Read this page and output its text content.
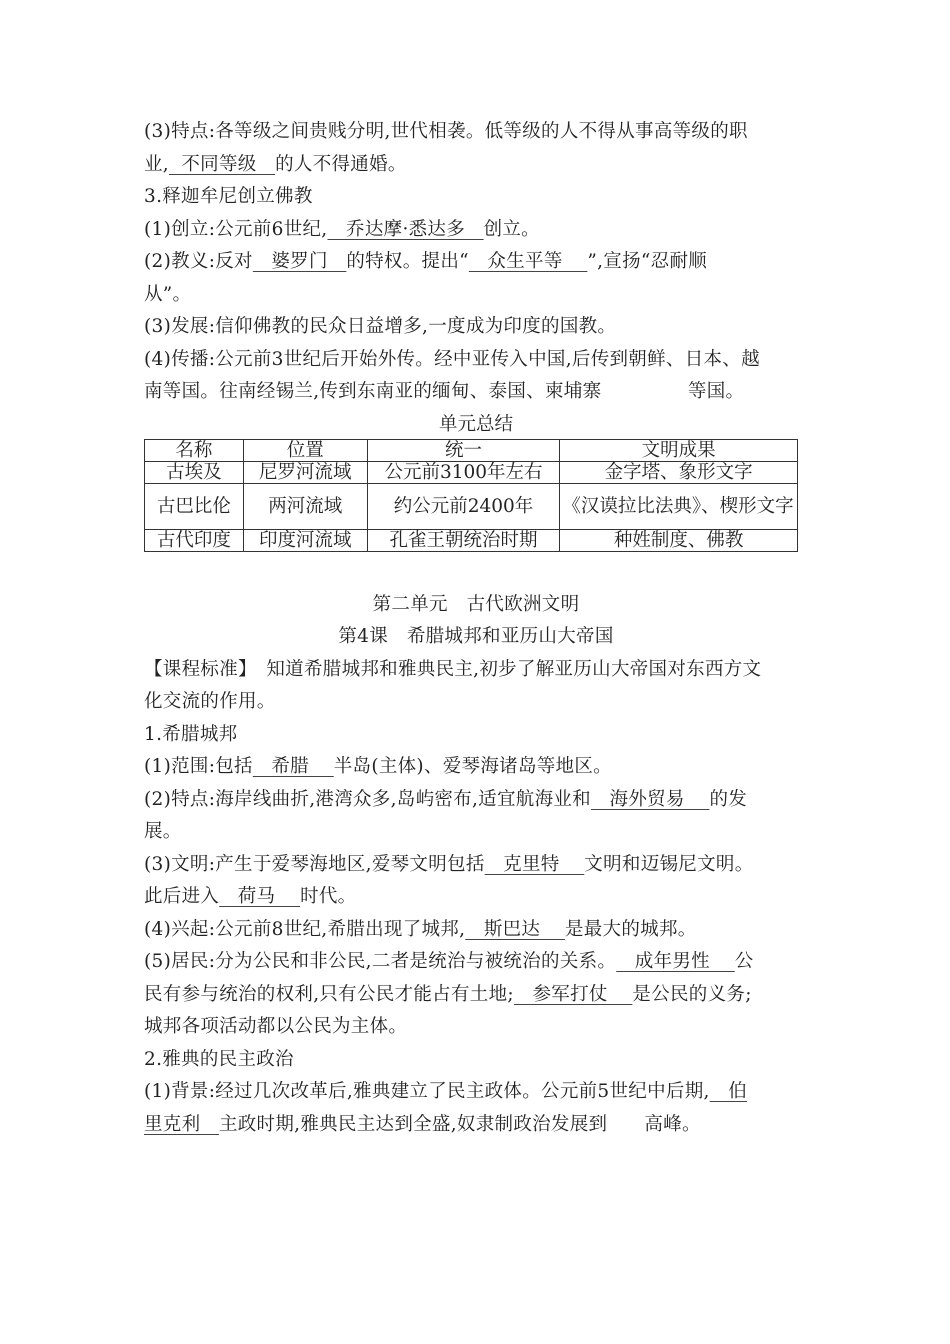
(3)特点:各等级之间贵贱分明,世代相袭。低等级的人不得从事高等级的职
业,  不同等级   的人不得通婚。
3.释迦牟尼创立佛教
(1)创立:公元前6世纪,   乔达摩·悉达多   创立。
(2)教义:反对   婆罗门   的特权。提出“   众生平等    ”,宣扬“忍耐顺
从”。
(3)发展:信仰佛教的民众日益增多,一度成为印度的国教。
(4)传播:公元前3世纪后开始外传。经中亚传入中国,后传到朝鲜、日本、越
南等国。往南经锡兰,传到东南亚的缅甸、泰国、柬埔寨              等国。
单元总结
名称	位置	统一	文明成果
古埃及	尼罗河流域	公元前3100年左右	金字塔、象形文字
古巴比伦	两河流域	约公元前2400年	《汉谟拉比法典》、楔形文字
古代印度	印度河流域	孔雀王朝统治时期	种姓制度、佛教
第二单元　古代欧洲文明
第4课　希腊城邦和亚历山大帝国
【课程标准】　知道希腊城邦和雅典民主,初步了解亚历山大帝国对东西方文
化交流的作用。
1.希腊城邦
(1)范围:包括   希腊    半岛(主体)、爱琴海诸岛等地区。
(2)特点:海岸线曲折,港湾众多,岛屿密布,适宜航海业和   海外贸易    的发
展。
(3)文明:产生于爱琴海地区,爱琴文明包括   克里特    文明和迈锡尼文明。
此后进入   荷马    时代。
(4)兴起:公元前8世纪,希腊出现了城邦,   斯巴达    是最大的城邦。
(5)居民:分为公民和非公民,二者是统治与被统治的关系。   成年男性    公
民有参与统治的权利,只有公民才能占有土地;   参军打仗    是公民的义务;
城邦各项活动都以公民为主体。
2.雅典的民主政治
(1)背景:经过几次改革后,雅典建立了民主政体。公元前5世纪中后期,   伯
里克利   主政时期,雅典民主达到全盛,奴隶制政治发展到      高峰。
